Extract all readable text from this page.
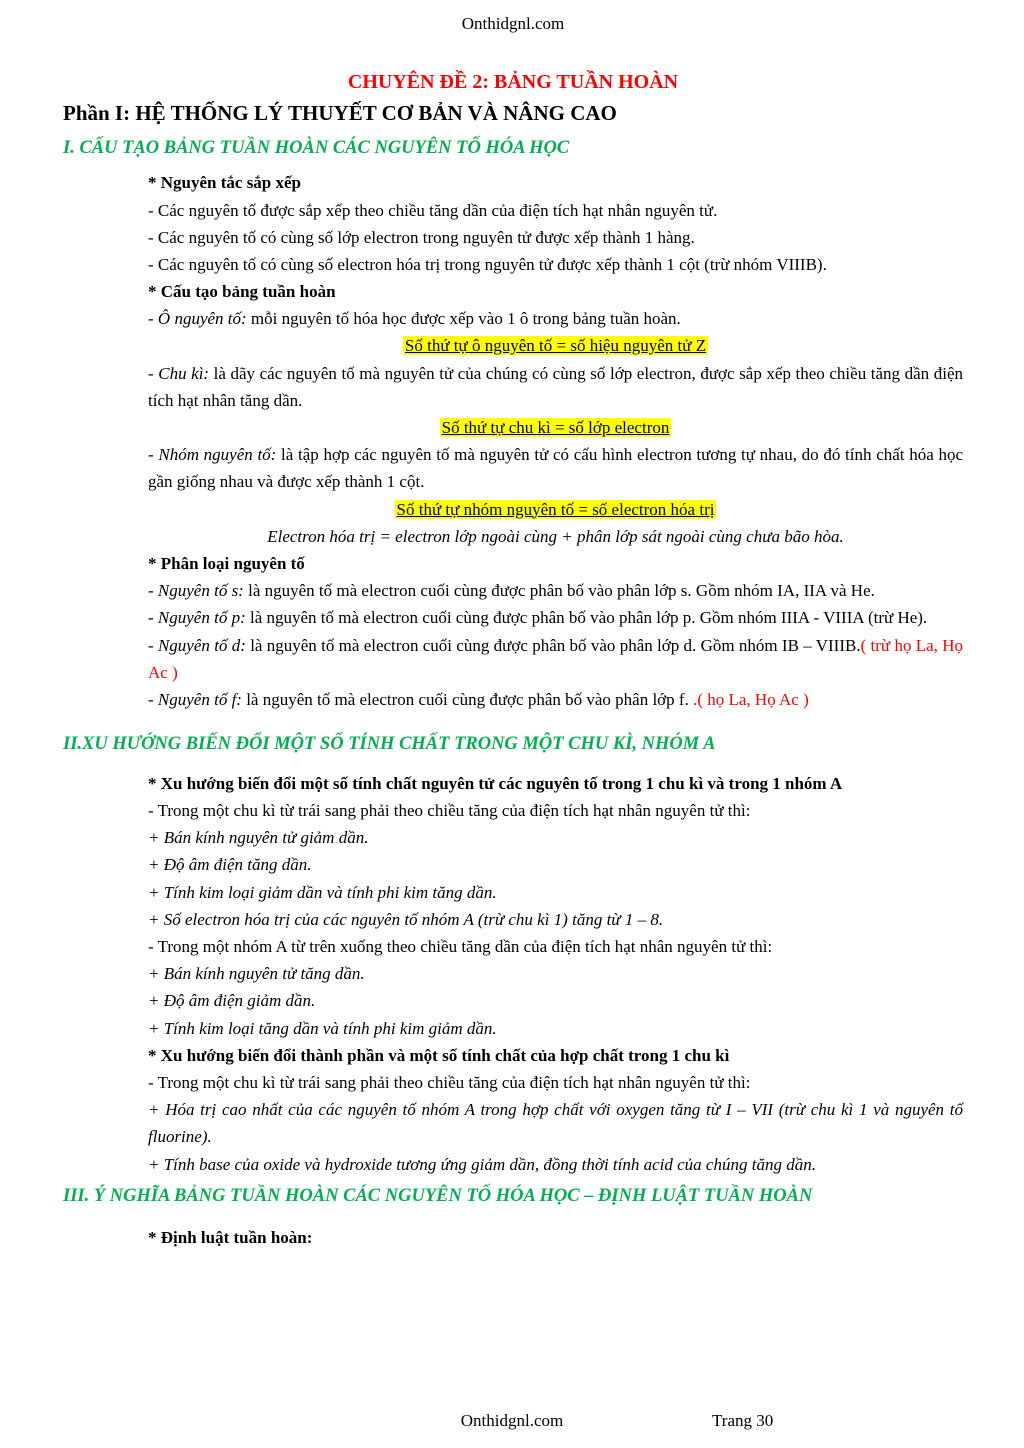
Onthidgnl.com
CHUYÊN ĐỀ 2: BẢNG TUẦN HOÀN
Phần I: HỆ THỐNG LÝ THUYẾT CƠ BẢN VÀ NÂNG CAO
I. CẤU TẠO BẢNG TUẦN HOÀN CÁC NGUYÊN TỐ HÓA HỌC

* Nguyên tắc sắp xếp

- Các nguyên tố được sắp xếp theo chiều tăng dần của điện tích hạt nhân nguyên tử.

- Các nguyên tố có cùng số lớp electron trong nguyên tử được xếp thành 1 hàng.

- Các nguyên tố có cùng số electron hóa trị trong nguyên tử được xếp thành 1 cột (trừ nhóm VIIIB).

* Cấu tạo bảng tuần hoàn

- Ô nguyên tố: mỗi nguyên tố hóa học được xếp vào 1 ô trong bảng tuần hoàn.

Số thứ tự ô nguyên tố = số hiệu nguyên tử Z

- Chu kì: là dãy các nguyên tố mà nguyên tử của chúng có cùng số lớp electron, được sắp xếp theo chiều tăng dần điện tích hạt nhân tăng dần.

Số thứ tự chu kì = số lớp electron

- Nhóm nguyên tố: là tập hợp các nguyên tố mà nguyên tử có cấu hình electron tương tự nhau, do đó tính chất hóa học gần giống nhau và được xếp thành 1 cột.

Số thứ tự nhóm nguyên tố = số electron hóa trị

Electron hóa trị = electron lớp ngoài cùng + phân lớp sát ngoài cùng chưa bão hòa.

* Phân loại nguyên tố

- Nguyên tố s: là nguyên tố mà electron cuối cùng được phân bố vào phân lớp s. Gồm nhóm IA, IIA và He.

- Nguyên tố p: là nguyên tố mà electron cuối cùng được phân bố vào phân lớp p. Gồm nhóm IIIA - VIIIA (trừ He).

- Nguyên tố d: là nguyên tố mà electron cuối cùng được phân bố vào phân lớp d. Gồm nhóm IB – VIIIB.( trừ họ La, Họ Ac )

- Nguyên tố f: là nguyên tố mà electron cuối cùng được phân bố vào phân lớp f. .( họ La, Họ Ac )

II.XU HƯỚNG BIẾN ĐỔI MỘT SỐ TÍNH CHẤT TRONG MỘT CHU KÌ, NHÓM A

* Xu hướng biến đổi một số tính chất nguyên tử các nguyên tố trong 1 chu kì và trong 1 nhóm A

- Trong một chu kì từ trái sang phải theo chiều tăng của điện tích hạt nhân nguyên tử thì:

+ Bán kính nguyên tử giảm dần.

+ Độ âm điện tăng dần.

+ Tính kim loại giảm dần và tính phi kim tăng dần.

+ Số electron hóa trị của các nguyên tố nhóm A (trừ chu kì 1) tăng từ 1 – 8.

- Trong một nhóm A từ trên xuống theo chiều tăng dần của điện tích hạt nhân nguyên tử thì:

+ Bán kính nguyên tử tăng dần.

+ Độ âm điện giảm dần.

+ Tính kim loại tăng dần và tính phi kim giảm dần.

* Xu hướng biến đổi thành phần và một số tính chất của hợp chất trong 1 chu kì

- Trong một chu kì từ trái sang phải theo chiều tăng của điện tích hạt nhân nguyên tử thì:

+ Hóa trị cao nhất của các nguyên tố nhóm A trong hợp chất với oxygen tăng từ I – VII (trừ chu kì 1 và nguyên tố fluorine).

+ Tính base của oxide và hydroxide tương ứng giảm dần, đồng thời tính acid của chúng tăng dần.

III. Ý NGHĨA BẢNG TUẦN HOÀN CÁC NGUYÊN TỐ HÓA HỌC – ĐỊNH LUẬT TUẦN HOÀN

* Định luật tuần hoàn:

Onthidgnl.com	Trang 30
